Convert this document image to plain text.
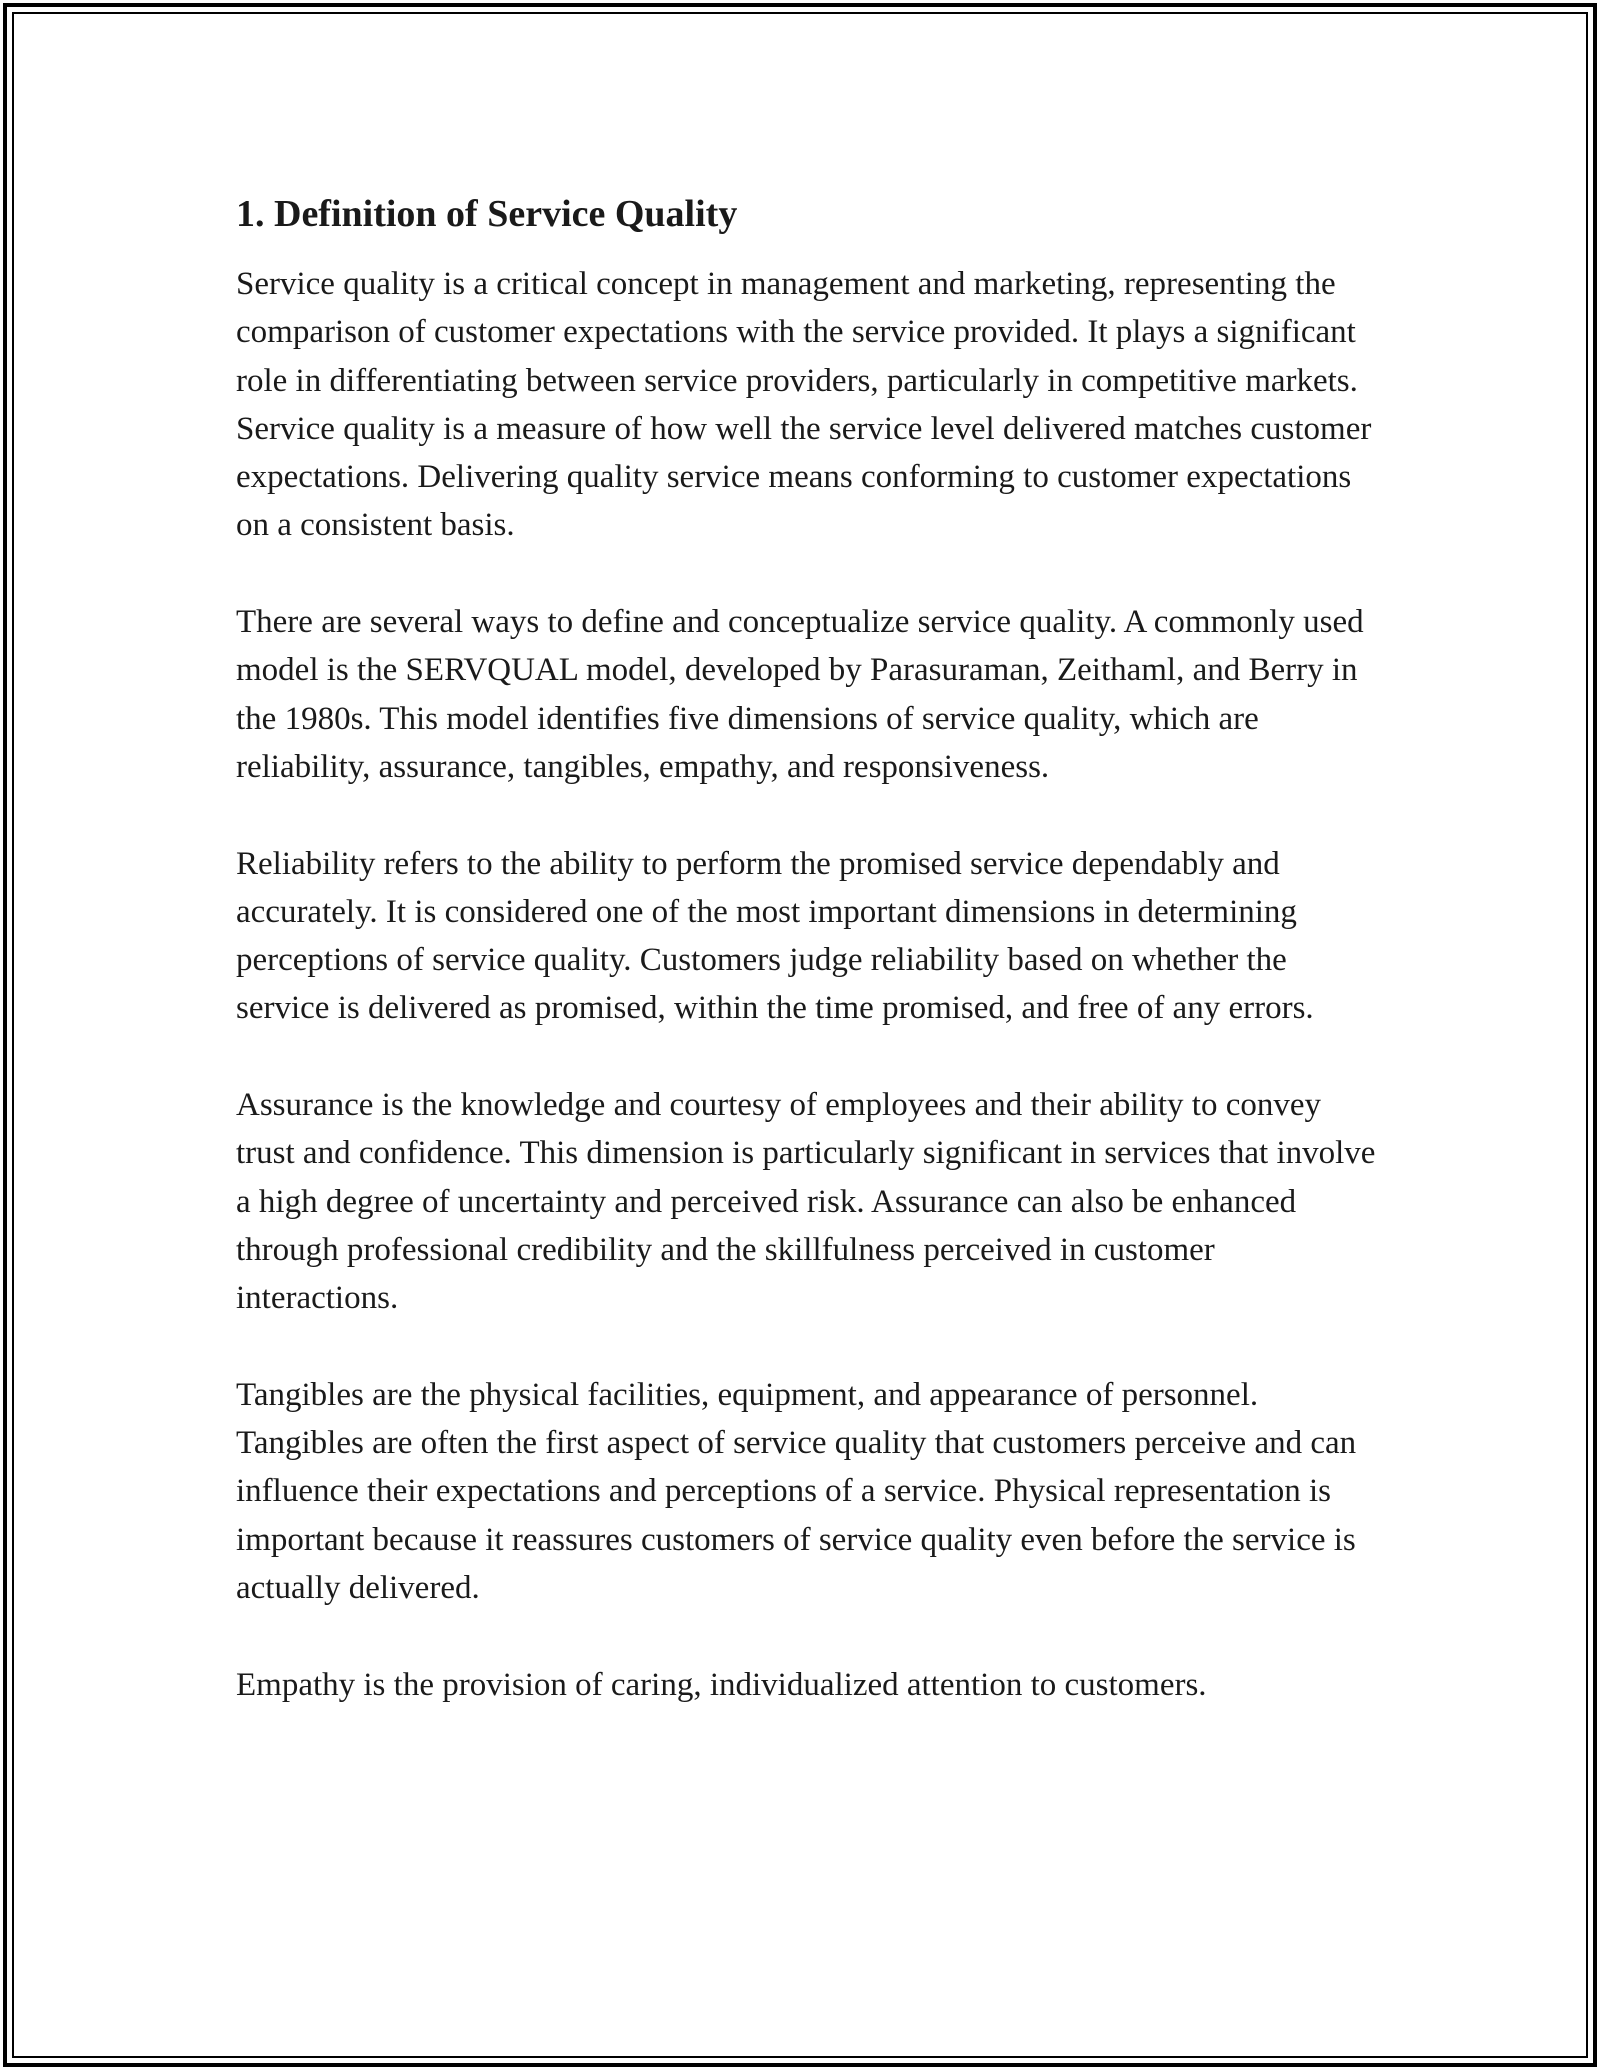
1. Definition of Service Quality

Service quality is a critical concept in management and marketing, representing the comparison of customer expectations with the service provided. It plays a significant role in differentiating between service providers, particularly in competitive markets. Service quality is a measure of how well the service level delivered matches customer expectations. Delivering quality service means conforming to customer expectations on a consistent basis.

There are several ways to define and conceptualize service quality. A commonly used model is the SERVQUAL model, developed by Parasuraman, Zeithaml, and Berry in the 1980s. This model identifies five dimensions of service quality, which are reliability, assurance, tangibles, empathy, and responsiveness.

Reliability refers to the ability to perform the promised service dependably and accurately. It is considered one of the most important dimensions in determining perceptions of service quality. Customers judge reliability based on whether the service is delivered as promised, within the time promised, and free of any errors.

Assurance is the knowledge and courtesy of employees and their ability to convey trust and confidence. This dimension is particularly significant in services that involve a high degree of uncertainty and perceived risk. Assurance can also be enhanced through professional credibility and the skillfulness perceived in customer interactions.

Tangibles are the physical facilities, equipment, and appearance of personnel. Tangibles are often the first aspect of service quality that customers perceive and can influence their expectations and perceptions of a service. Physical representation is important because it reassures customers of service quality even before the service is actually delivered.

Empathy is the provision of caring, individualized attention to customers.
